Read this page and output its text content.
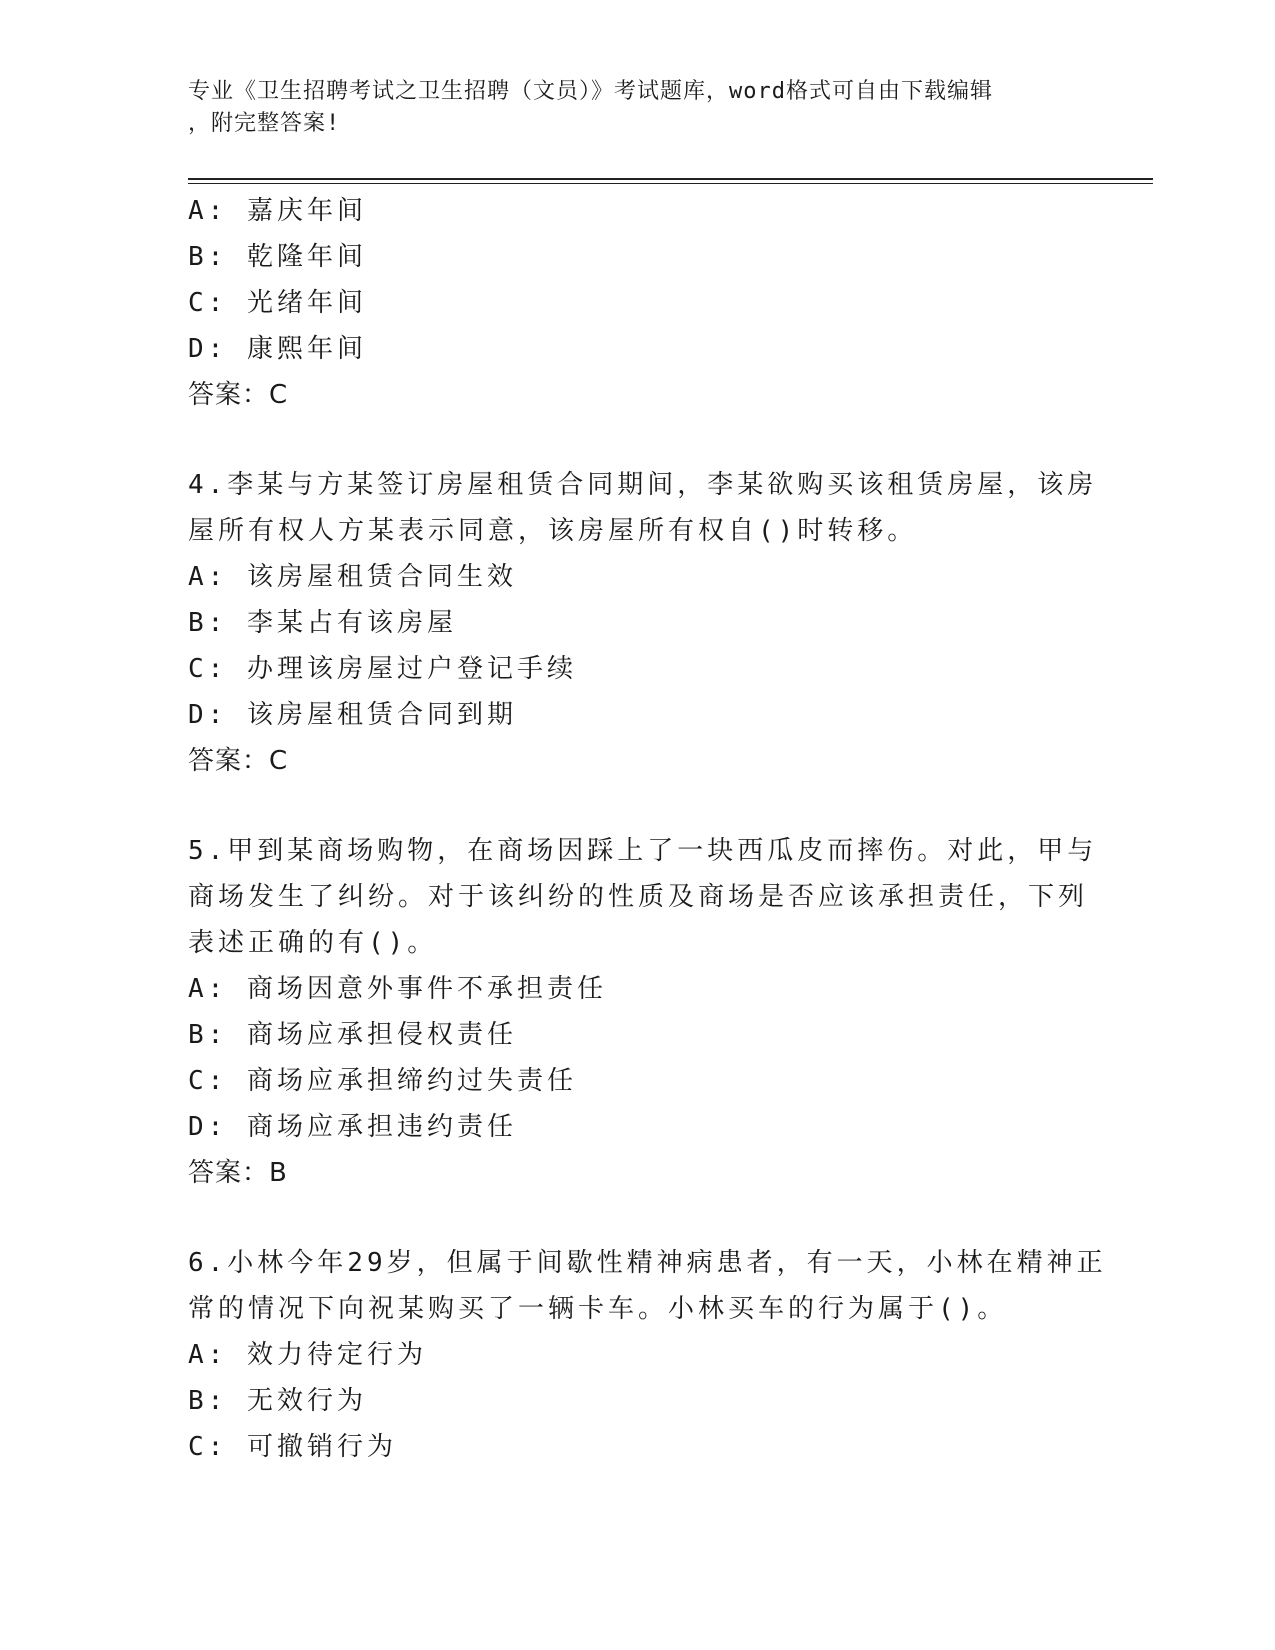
专业《卫生招聘考试之卫生招聘（文员）》考试题库，word格式可自由下载编辑
，附完整答案!
A: 嘉庆年间
B: 乾隆年间
C: 光绪年间
D: 康熙年间
答案：C
4.李某与方某签订房屋租赁合同期间，李某欲购买该租赁房屋，该房
屋所有权人方某表示同意，该房屋所有权自()时转移。
A: 该房屋租赁合同生效
B: 李某占有该房屋
C: 办理该房屋过户登记手续
D: 该房屋租赁合同到期
答案：C
5.甲到某商场购物，在商场因踩上了一块西瓜皮而摔伤。对此，甲与
商场发生了纠纷。对于该纠纷的性质及商场是否应该承担责任，下列
表述正确的有()。
A: 商场因意外事件不承担责任
B: 商场应承担侵权责任
C: 商场应承担缔约过失责任
D: 商场应承担违约责任
答案：B
6.小林今年29岁，但属于间歇性精神病患者，有一天，小林在精神正
常的情况下向祝某购买了一辆卡车。小林买车的行为属于()。
A: 效力待定行为
B: 无效行为
C: 可撤销行为
